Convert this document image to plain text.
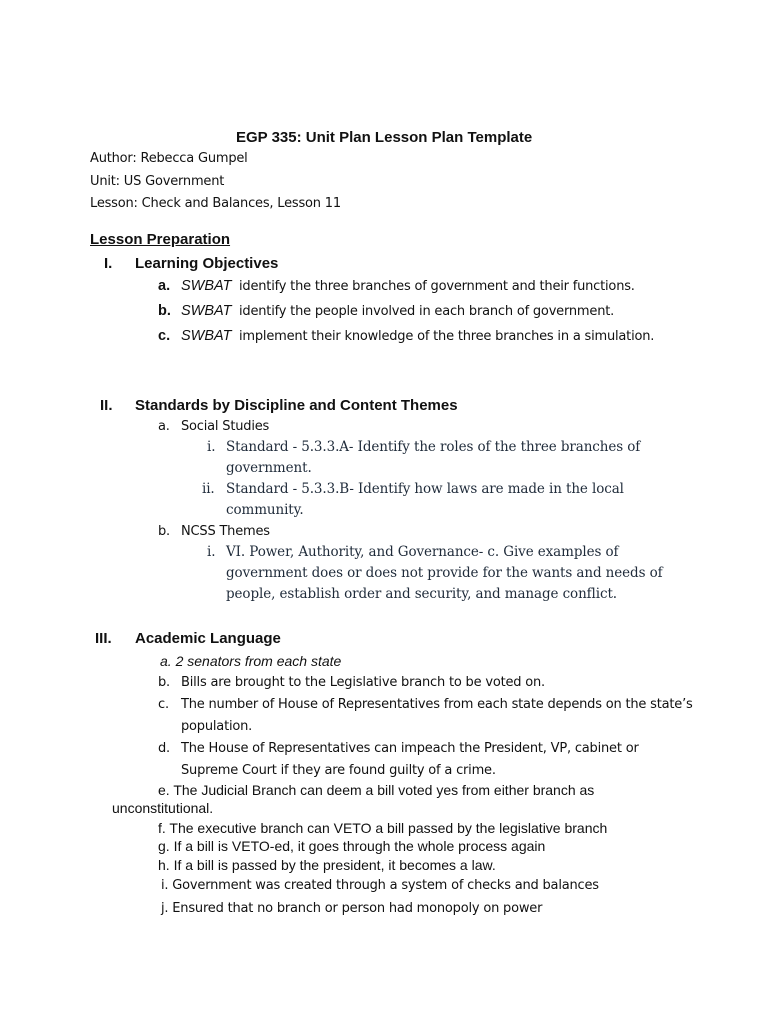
EGP 335: Unit Plan Lesson Plan Template
Author: Rebecca Gumpel
Unit: US Government
Lesson: Check and Balances, Lesson 11
Lesson Preparation
I. Learning Objectives
a. SWBAT identify the three branches of government and their functions.
b. SWBAT identify the people involved in each branch of government.
c. SWBAT implement their knowledge of the three branches in a simulation.
II. Standards by Discipline and Content Themes
a. Social Studies
i. Standard - 5.3.3.A- Identify the roles of the three branches of
government.
ii. Standard - 5.3.3.B- Identify how laws are made in the local
community.
b. NCSS Themes
i. VI. Power, Authority, and Governance- c. Give examples of
government does or does not provide for the wants and needs of
people, establish order and security, and manage conflict.
III. Academic Language
a. 2 senators from each state
b. Bills are brought to the Legislative branch to be voted on.
c. The number of House of Representatives from each state depends on the state’s
population.
d. The House of Representatives can impeach the President, VP, cabinet or
Supreme Court if they are found guilty of a crime.
e. The Judicial Branch can deem a bill voted yes from either branch as
unconstitutional.
f. The executive branch can VETO a bill passed by the legislative branch
g. If a bill is VETO-ed, it goes through the whole process again
h. If a bill is passed by the president, it becomes a law.
i. Government was created through a system of checks and balances
j. Ensured that no branch or person had monopoly on power
